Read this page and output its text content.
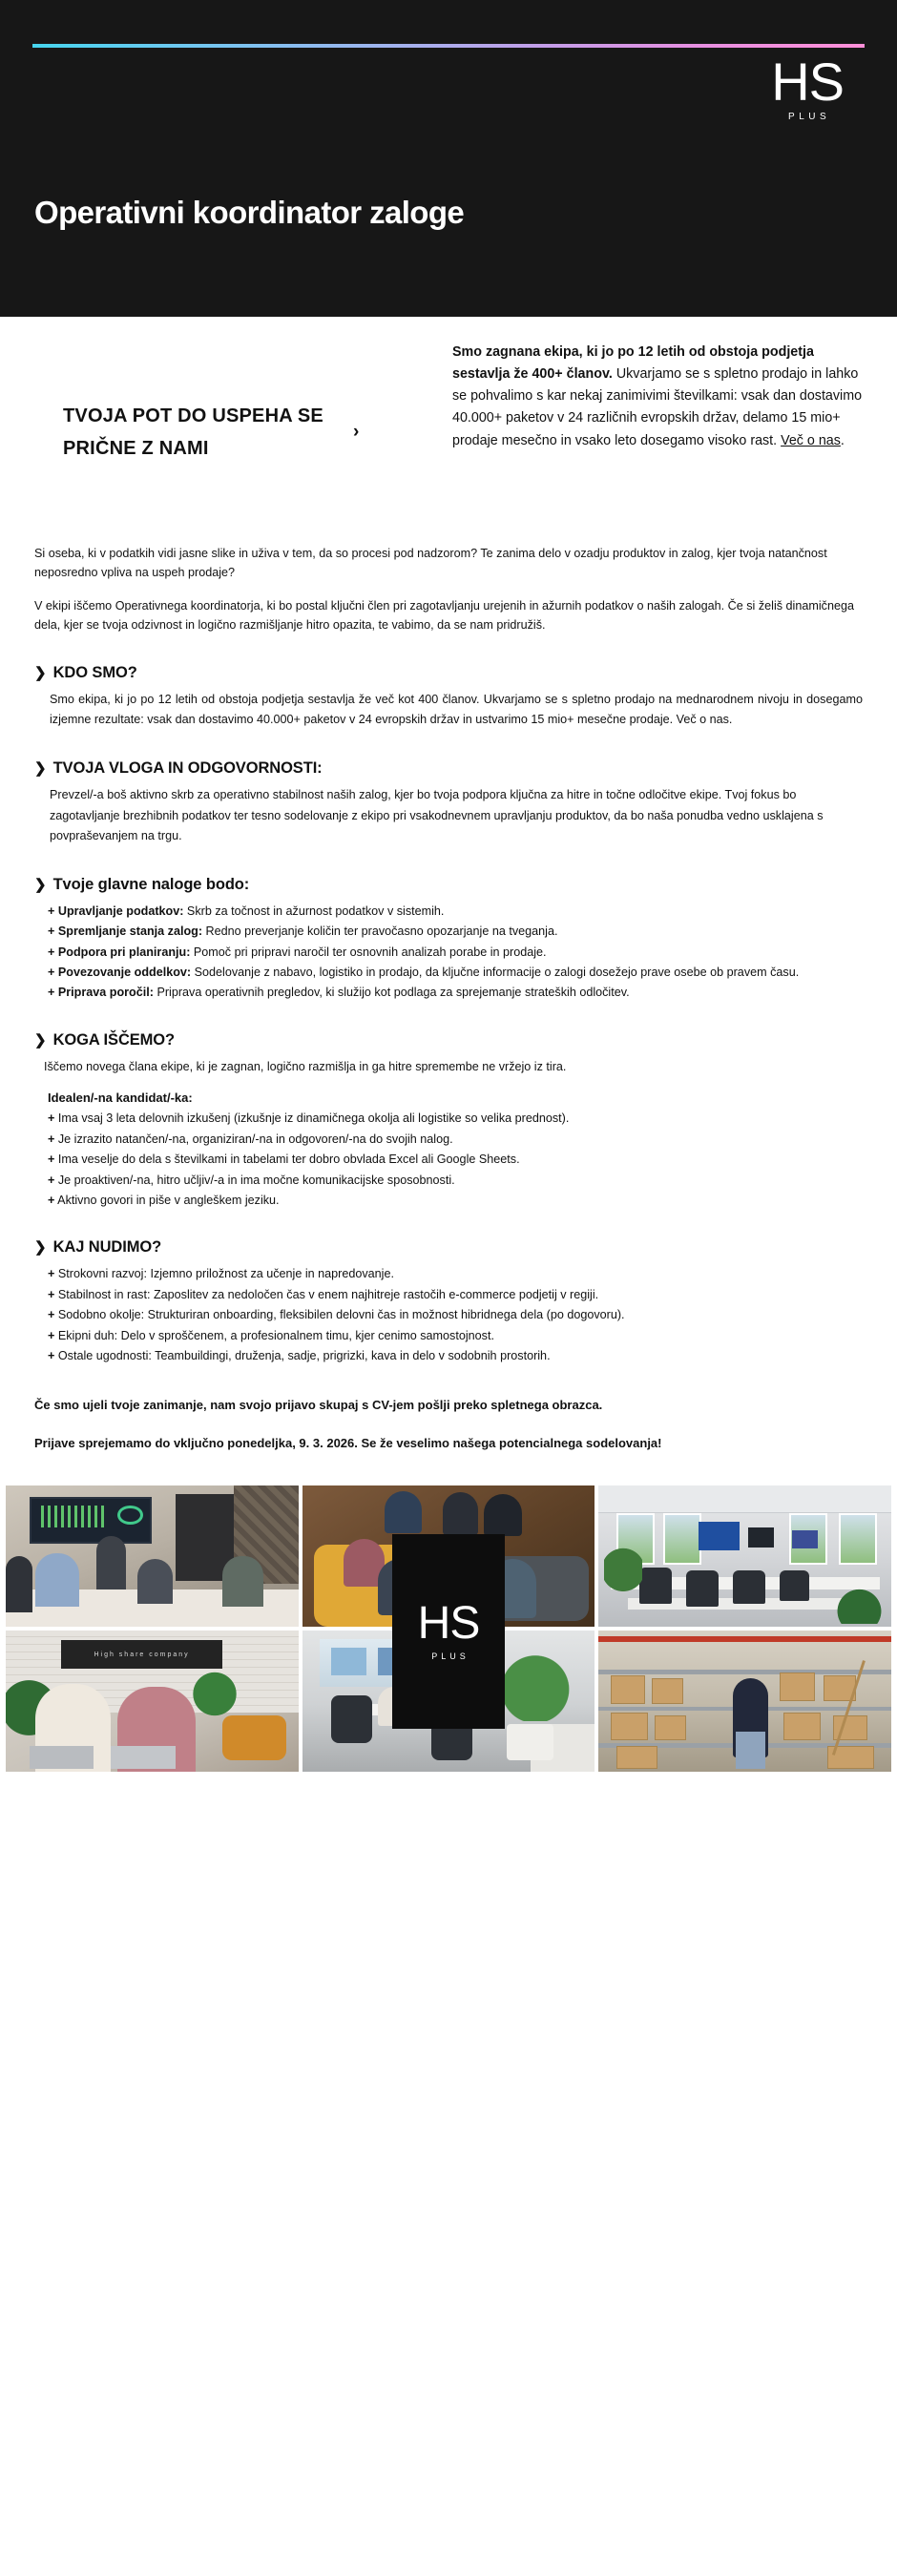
HS
PLUS
Operativni koordinator zaloge
TVOJA POT DO USPEHA SE PRIČNE Z NAMI
›
Smo zagnana ekipa, ki jo po 12 letih od obstoja podjetja sestavlja že 400+ članov. Ukvarjamo se s spletno prodajo in lahko se pohvalimo s kar nekaj zanimivimi številkami: vsak dan dostavimo 40.000+ paketov v 24 različnih evropskih držav, delamo 15 mio+ prodaje mesečno in vsako leto dosegamo visoko rast. Več o nas.
Si oseba, ki v podatkih vidi jasne slike in uživa v tem, da so procesi pod nadzorom? Te zanima delo v ozadju produktov in zalog, kjer tvoja natančnost neposredno vpliva na uspeh prodaje?
V ekipi iščemo Operativnega koordinatorja, ki bo postal ključni člen pri zagotavljanju urejenih in ažurnih podatkov o naših zalogah. Če si želiš dinamičnega dela, kjer se tvoja odzivnost in logično razmišljanje hitro opazita, te vabimo, da se nam pridružiš.
❯ KDO SMO?
Smo ekipa, ki jo po 12 letih od obstoja podjetja sestavlja že več kot 400 članov. Ukvarjamo se s spletno prodajo na mednarodnem nivoju in dosegamo izjemne rezultate: vsak dan dostavimo 40.000+ paketov v 24 evropskih držav in ustvarimo 15 mio+ mesečne prodaje. Več o nas.
❯ TVOJA VLOGA IN ODGOVORNOSTI:
Prevzel/-a boš aktivno skrb za operativno stabilnost naših zalog, kjer bo tvoja podpora ključna za hitre in točne odločitve ekipe. Tvoj fokus bo zagotavljanje brezhibnih podatkov ter tesno sodelovanje z ekipo pri vsakodnevnem upravljanju produktov, da bo naša ponudba vedno usklajena s povpraševanjem na trgu.
❯ Tvoje glavne naloge bodo:
+ Upravljanje podatkov: Skrb za točnost in ažurnost podatkov v sistemih.
+ Spremljanje stanja zalog: Redno preverjanje količin ter pravočasno opozarjanje na tveganja.
+ Podpora pri planiranju: Pomoč pri pripravi naročil ter osnovnih analizah porabe in prodaje.
+ Povezovanje oddelkov: Sodelovanje z nabavo, logistiko in prodajo, da ključne informacije o zalogi dosežejo prave osebe ob pravem času.
+ Priprava poročil: Priprava operativnih pregledov, ki služijo kot podlaga za sprejemanje strateških odločitev.
❯ KOGA IŠČEMO?
Iščemo novega člana ekipe, ki je zagnan, logično razmišlja in ga hitre spremembe ne vržejo iz tira.
Idealen/-na kandidat/-ka:
+ Ima vsaj 3 leta delovnih izkušenj (izkušnje iz dinamičnega okolja ali logistike so velika prednost).
+ Je izrazito natančen/-na, organiziran/-na in odgovoren/-na do svojih nalog.
+ Ima veselje do dela s številkami in tabelami ter dobro obvlada Excel ali Google Sheets.
+ Je proaktiven/-na, hitro učljiv/-a in ima močne komunikacijske sposobnosti.
+ Aktivno govori in piše v angleškem jeziku.
❯ KAJ NUDIMO?
+ Strokovni razvoj: Izjemno priložnost za učenje in napredovanje.
+ Stabilnost in rast: Zaposlitev za nedoločen čas v enem najhitreje rastočih e-commerce podjetij v regiji.
+ Sodobno okolje: Strukturiran onboarding, fleksibilen delovni čas in možnost hibridnega dela (po dogovoru).
+ Ekipni duh: Delo v sproščenem, a profesionalnem timu, kjer cenimo samostojnost.
+ Ostale ugodnosti: Teambuildingi, druženja, sadje, prigrizki, kava in delo v sodobnih prostorih.
Če smo ujeli tvoje zanimanje, nam svojo prijavo skupaj s CV-jem pošlji preko spletnega obrazca.
Prijave sprejemamo do vključno ponedeljka, 9. 3. 2026. Se že veselimo našega potencialnega sodelovanja!
High share company
HS
PLUS
